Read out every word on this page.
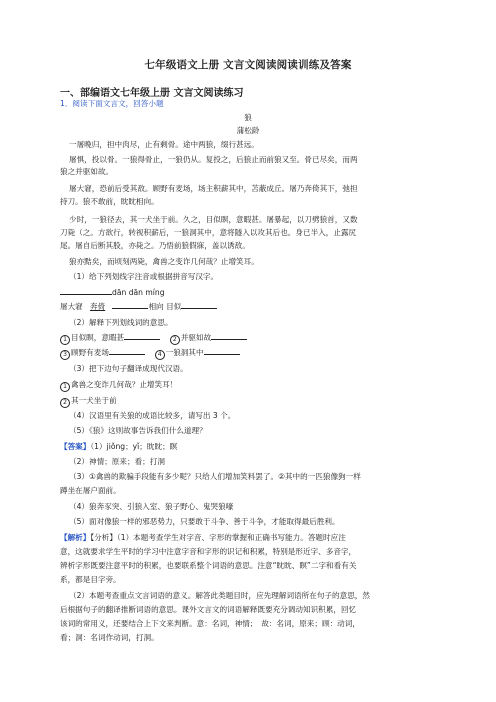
七年级语文上册 文言文阅读阅读训练及答案
一、部编语文七年级上册 文言文阅读练习
1．阅读下面文言文，回答小题
狼
蒲松龄
一屠晚归，担中肉尽，止有剩骨。途中两狼，缀行甚远。
屠惧，投以骨。一狼得骨止，一狼仍从。复投之，后狼止而前狼又至。骨已尽矣，而两
狼之并驱如故。
屠大窘，恐前后受其敌。顾野有麦场，场主积薪其中，苫蔽成丘。屠乃奔倚其下，弛担
持刀。狼不敢前，眈眈相向。
少时，一狼径去，其一犬坐于前。久之，目似瞑，意暇甚。屠暴起，以刀劈狼首，又数
刀毙（之。方欲行，转视积薪后，一狼洞其中，意将隧入以攻其后也。身已半入，止露尻
尾。屠自后断其股，亦毙之。乃悟前狼假寐，盖以诱敌。
狼亦黠矣，而顷刻两毙，禽兽之变诈几何哉？止增笑耳。
（1）给下列划线字注音或根据拼音写汉字。
dān dān míng
屠大窘 奔倚	相向 目似
（2）解释下列划线词的意思。
1 目似瞑，意暇甚	2 并驱如故
3 顾野有麦场	4 一狼洞其中
（3）把下边句子翻译成现代汉语。
1 禽兽之变诈几何哉？止增笑耳！
2 其一犬坐于前
（4）汉语里有关狼的成语比较多，请写出 3 个。
（5）《狼》这则故事告诉我们什么道理？
【答案】（1）jiǒng；yǐ；眈眈；瞑
（2）神情；原来；看；打洞
（3）①禽兽的欺骗手段能有多少呢？只给人们增加笑料罢了。②其中的一匹狼像狗一样
蹲坐在屠户面前。
（4）狼奔豕突、引狼入室、狼子野心、鬼哭狼嚎
（5）面对像狼一样的邪恶势力，只要敢于斗争、善于斗争，才能取得最后胜利。
【解析】【分析】（1）本题考查学生对字音、字形的掌握和正确书写能力。答题时应注
意，这就要求学生平时的学习中注意字音和字形的识记和积累，特别是形近字、多音字，
辨析字形既要注意平时的积累，也要联系整个词语的意思。注意“眈眈、瞑”二字和看有关
系，都是目字旁。
（2）本题考查重点文言词语的意义。解答此类题目时，应先理解词语所在句子的意思，然
后根据句子的翻译推断词语的意思。课外文言文的词语解释既要充分调动知识积累，回忆
该词的常用义，还要结合上下文来判断。意：名词，神情；　故：名词，原来；顾：动词，
看；洞：名词作动词，打洞。
